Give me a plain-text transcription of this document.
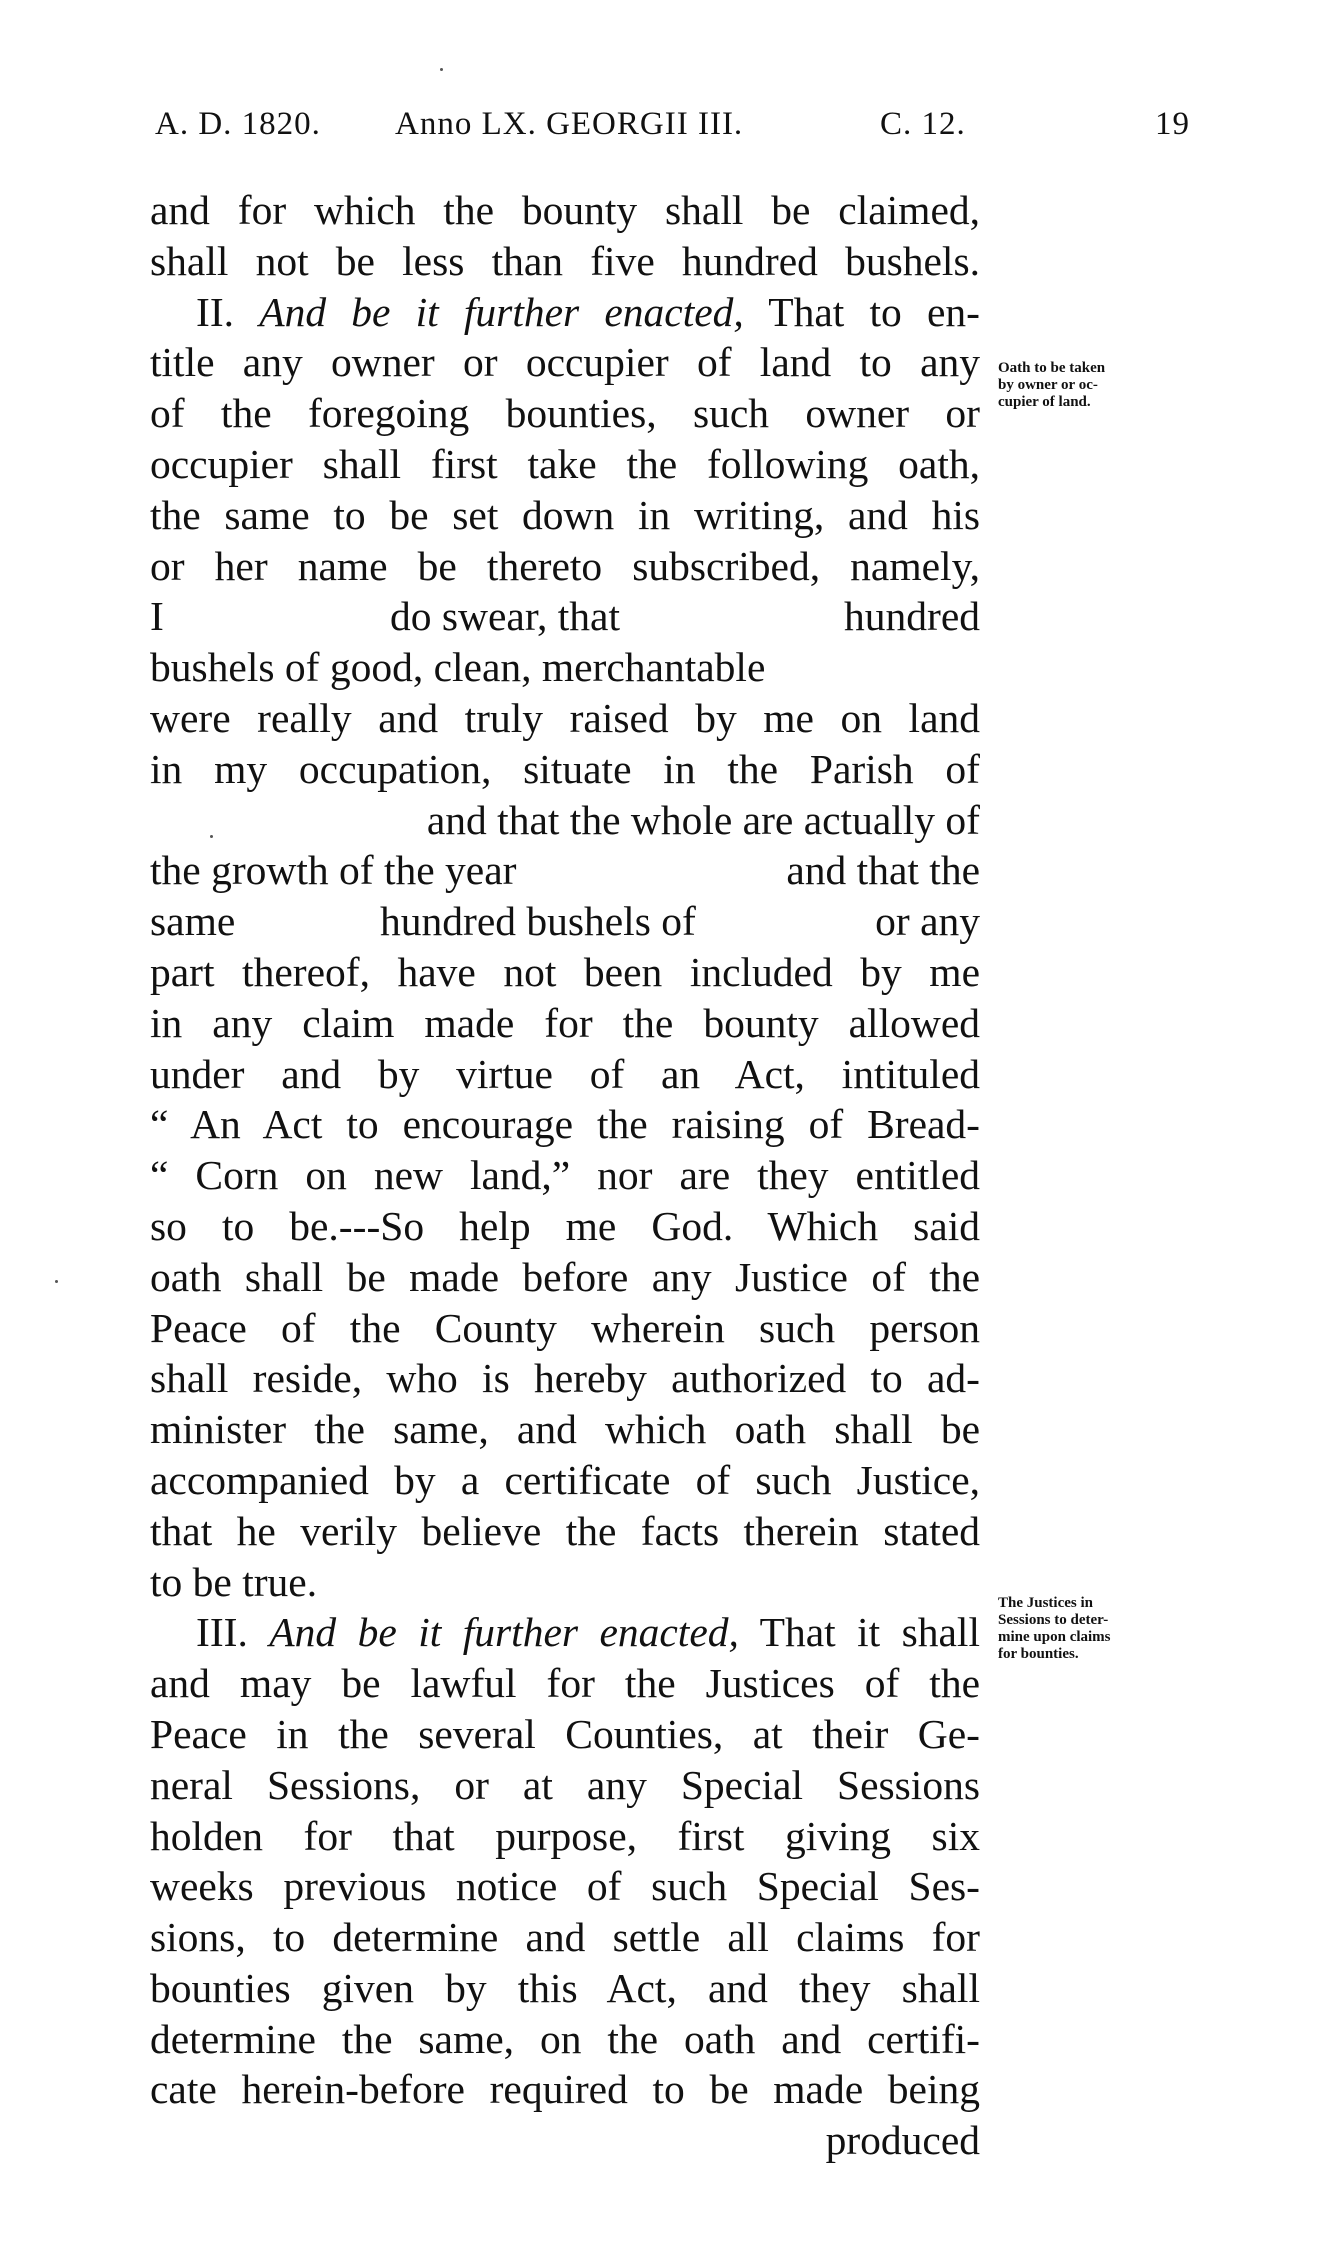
A. D. 1820. Anno LX. GEORGII III.	C. 12.	19
and for which the bounty shall be claimed,
shall not be less than five hundred bushels.
II. And be it further enacted, That to en-
title any owner or occupier of land to any
of the foregoing bounties, such owner or
occupier shall first take the following oath,
the same to be set down in writing, and his
or her name be thereto subscribed, namely,
I	do swear, that	hundred
bushels of good, clean, merchantable
were really and truly raised by me on land
in my occupation, situate in the Parish of
and that the whole are actually of
the growth of the year	and that the
same	hundred bushels of	or any
part thereof, have not been included by me
in any claim made for the bounty allowed
under and by virtue of an Act, intituled
“ An Act to encourage the raising of Bread-
“ Corn on new land,” nor are they entitled
so to be.---So help me God. Which said
oath shall be made before any Justice of the
Peace of the County wherein such person
shall reside, who is hereby authorized to ad-
minister the same, and which oath shall be
accompanied by a certificate of such Justice,
that he verily believe the facts therein stated
to be true.
III. And be it further enacted, That it shall
and may be lawful for the Justices of the
Peace in the several Counties, at their Ge-
neral Sessions, or at any Special Sessions
holden for that purpose, first giving six
weeks previous notice of such Special Ses-
sions, to determine and settle all claims for
bounties given by this Act, and they shall
determine the same, on the oath and certifi-
cate herein-before required to be made being
produced
Oath to be taken
by owner or oc-
cupier of land.
The Justices in
Sessions to deter-
mine upon claims
for bounties.
